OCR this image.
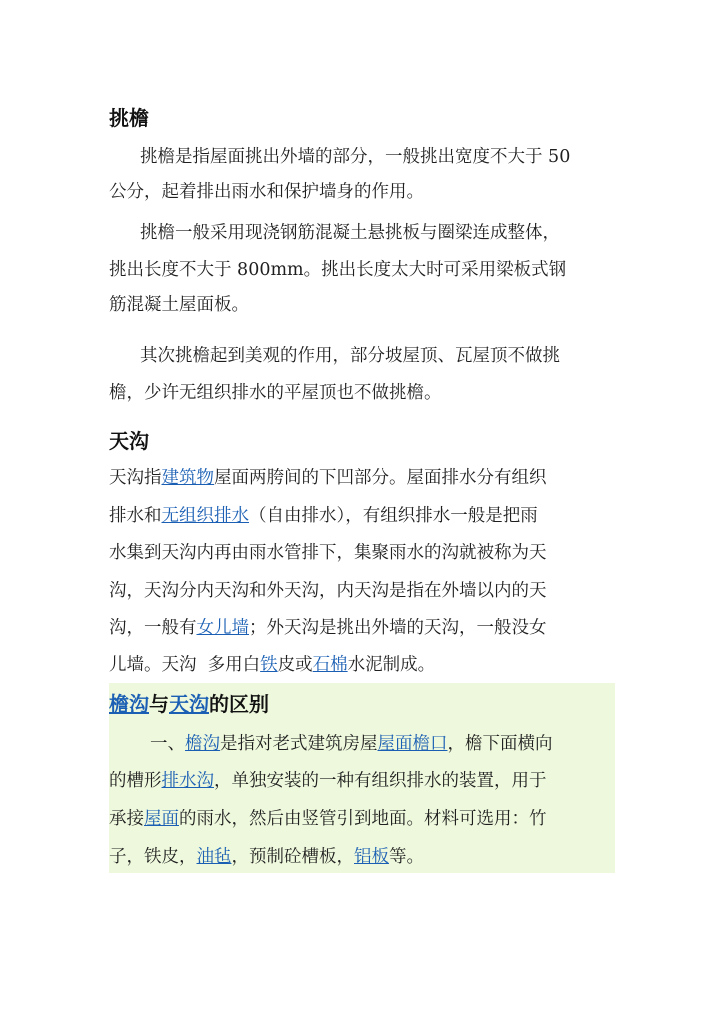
挑檐
挑檐是指屋面挑出外墙的部分，一般挑出宽度不大于 50
公分，起着排出雨水和保护墙身的作用。
挑檐一般采用现浇钢筋混凝土悬挑板与圈梁连成整体，
挑出长度不大于 800mm。挑出长度太大时可采用梁板式钢
筋混凝土屋面板。
其次挑檐起到美观的作用，部分坡屋顶、瓦屋顶不做挑
檐，少许无组织排水的平屋顶也不做挑檐。
天沟
天沟指建筑物屋面两胯间的下凹部分。屋面排水分有组织
排水和无组织排水（自由排水），有组织排水一般是把雨
水集到天沟内再由雨水管排下，集聚雨水的沟就被称为天
沟，天沟分内天沟和外天沟，内天沟是指在外墙以内的天
沟，一般有女儿墙；外天沟是挑出外墙的天沟，一般没女
儿墙。天沟  多用白铁皮或石棉水泥制成。
檐沟与天沟的区别
一、檐沟是指对老式建筑房屋屋面檐口，檐下面横向
的槽形排水沟，单独安装的一种有组织排水的装置，用于
承接屋面的雨水，然后由竖管引到地面。材料可选用：竹
子，铁皮，油毡，预制砼槽板，铝板等。
